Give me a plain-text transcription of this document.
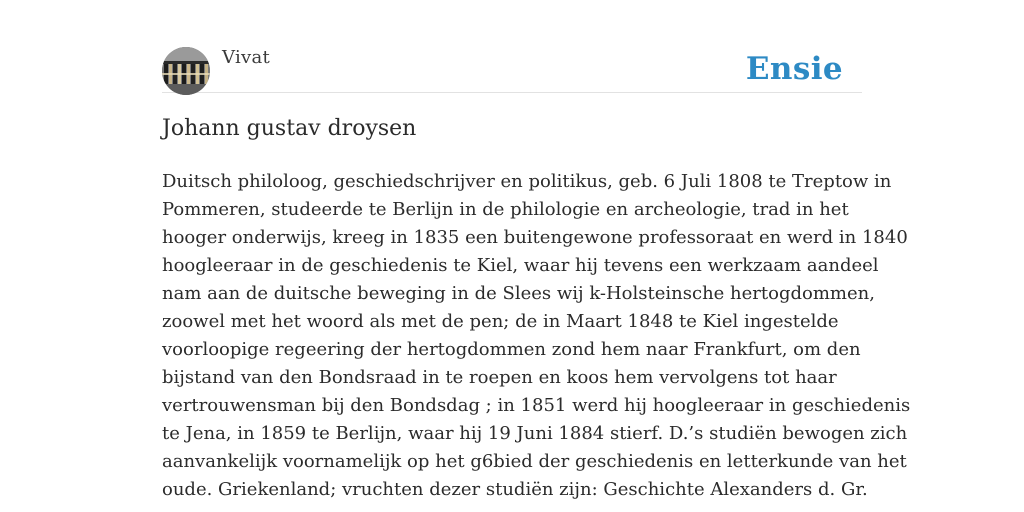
Vivat	Ensie
Johann gustav droysen
Duitsch philoloog, geschiedschrijver en politikus, geb. 6 Juli 1808 te Treptow in
Pommeren, studeerde te Berlijn in de philologie en archeologie, trad in het
hooger onderwijs, kreeg in 1835 een buitengewone professoraat en werd in 1840
hoogleeraar in de geschiedenis te Kiel, waar hij tevens een werkzaam aandeel
nam aan de duitsche beweging in de Slees wij k-Holsteinsche hertogdommen,
zoowel met het woord als met de pen; de in Maart 1848 te Kiel ingestelde
voorloopige regeering der hertogdommen zond hem naar Frankfurt, om den
bijstand van den Bondsraad in te roepen en koos hem vervolgens tot haar
vertrouwensman bij den Bondsdag ; in 1851 werd hij hoogleeraar in geschiedenis
te Jena, in 1859 te Berlijn, waar hij 19 Juni 1884 stierf. D.’s studiën bewogen zich
aanvankelijk voornamelijk op het g6bied der geschiedenis en letterkunde van het
oude. Griekenland; vruchten dezer studiën zijn: Geschichte Alexanders d. Gr.
